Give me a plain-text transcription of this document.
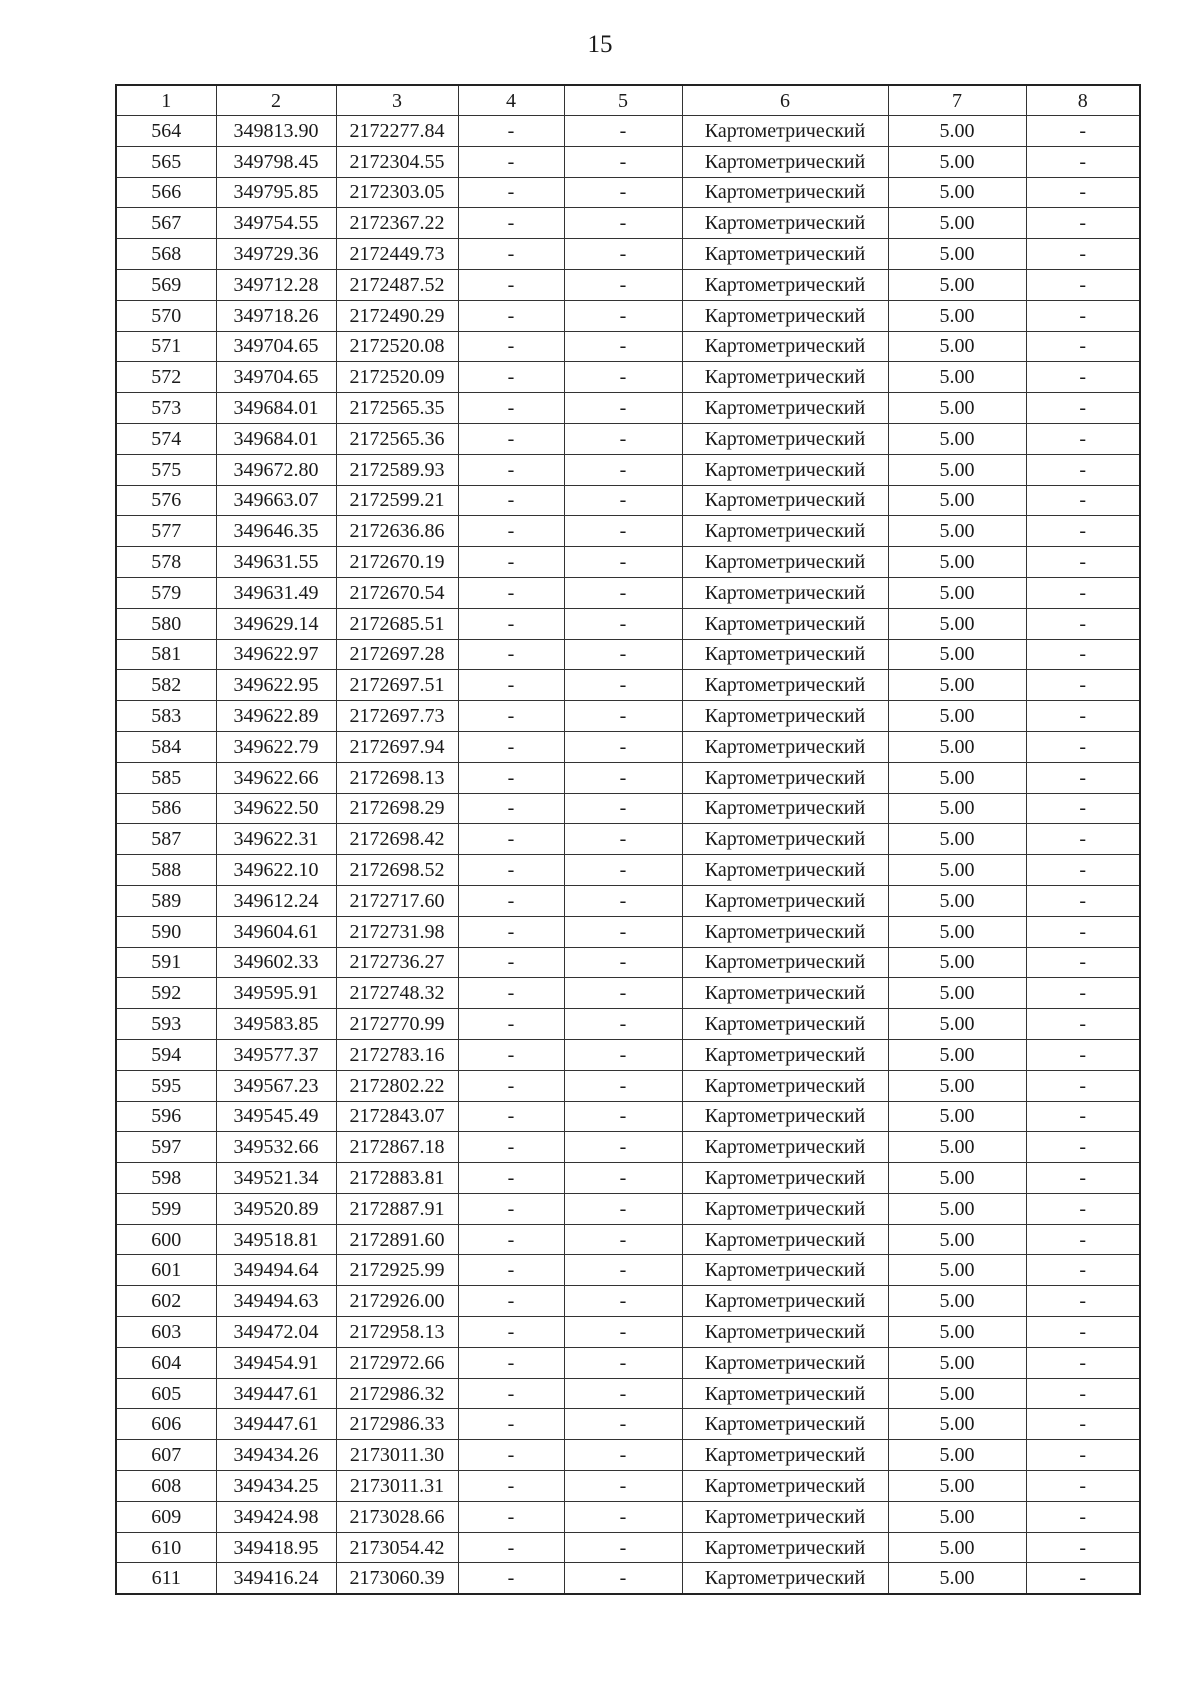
15
1	2	3	4	5	6	7	8
564	349813.90	2172277.84	-	-	Картометрический	5.00	-
565	349798.45	2172304.55	-	-	Картометрический	5.00	-
566	349795.85	2172303.05	-	-	Картометрический	5.00	-
567	349754.55	2172367.22	-	-	Картометрический	5.00	-
568	349729.36	2172449.73	-	-	Картометрический	5.00	-
569	349712.28	2172487.52	-	-	Картометрический	5.00	-
570	349718.26	2172490.29	-	-	Картометрический	5.00	-
571	349704.65	2172520.08	-	-	Картометрический	5.00	-
572	349704.65	2172520.09	-	-	Картометрический	5.00	-
573	349684.01	2172565.35	-	-	Картометрический	5.00	-
574	349684.01	2172565.36	-	-	Картометрический	5.00	-
575	349672.80	2172589.93	-	-	Картометрический	5.00	-
576	349663.07	2172599.21	-	-	Картометрический	5.00	-
577	349646.35	2172636.86	-	-	Картометрический	5.00	-
578	349631.55	2172670.19	-	-	Картометрический	5.00	-
579	349631.49	2172670.54	-	-	Картометрический	5.00	-
580	349629.14	2172685.51	-	-	Картометрический	5.00	-
581	349622.97	2172697.28	-	-	Картометрический	5.00	-
582	349622.95	2172697.51	-	-	Картометрический	5.00	-
583	349622.89	2172697.73	-	-	Картометрический	5.00	-
584	349622.79	2172697.94	-	-	Картометрический	5.00	-
585	349622.66	2172698.13	-	-	Картометрический	5.00	-
586	349622.50	2172698.29	-	-	Картометрический	5.00	-
587	349622.31	2172698.42	-	-	Картометрический	5.00	-
588	349622.10	2172698.52	-	-	Картометрический	5.00	-
589	349612.24	2172717.60	-	-	Картометрический	5.00	-
590	349604.61	2172731.98	-	-	Картометрический	5.00	-
591	349602.33	2172736.27	-	-	Картометрический	5.00	-
592	349595.91	2172748.32	-	-	Картометрический	5.00	-
593	349583.85	2172770.99	-	-	Картометрический	5.00	-
594	349577.37	2172783.16	-	-	Картометрический	5.00	-
595	349567.23	2172802.22	-	-	Картометрический	5.00	-
596	349545.49	2172843.07	-	-	Картометрический	5.00	-
597	349532.66	2172867.18	-	-	Картометрический	5.00	-
598	349521.34	2172883.81	-	-	Картометрический	5.00	-
599	349520.89	2172887.91	-	-	Картометрический	5.00	-
600	349518.81	2172891.60	-	-	Картометрический	5.00	-
601	349494.64	2172925.99	-	-	Картометрический	5.00	-
602	349494.63	2172926.00	-	-	Картометрический	5.00	-
603	349472.04	2172958.13	-	-	Картометрический	5.00	-
604	349454.91	2172972.66	-	-	Картометрический	5.00	-
605	349447.61	2172986.32	-	-	Картометрический	5.00	-
606	349447.61	2172986.33	-	-	Картометрический	5.00	-
607	349434.26	2173011.30	-	-	Картометрический	5.00	-
608	349434.25	2173011.31	-	-	Картометрический	5.00	-
609	349424.98	2173028.66	-	-	Картометрический	5.00	-
610	349418.95	2173054.42	-	-	Картометрический	5.00	-
611	349416.24	2173060.39	-	-	Картометрический	5.00	-
